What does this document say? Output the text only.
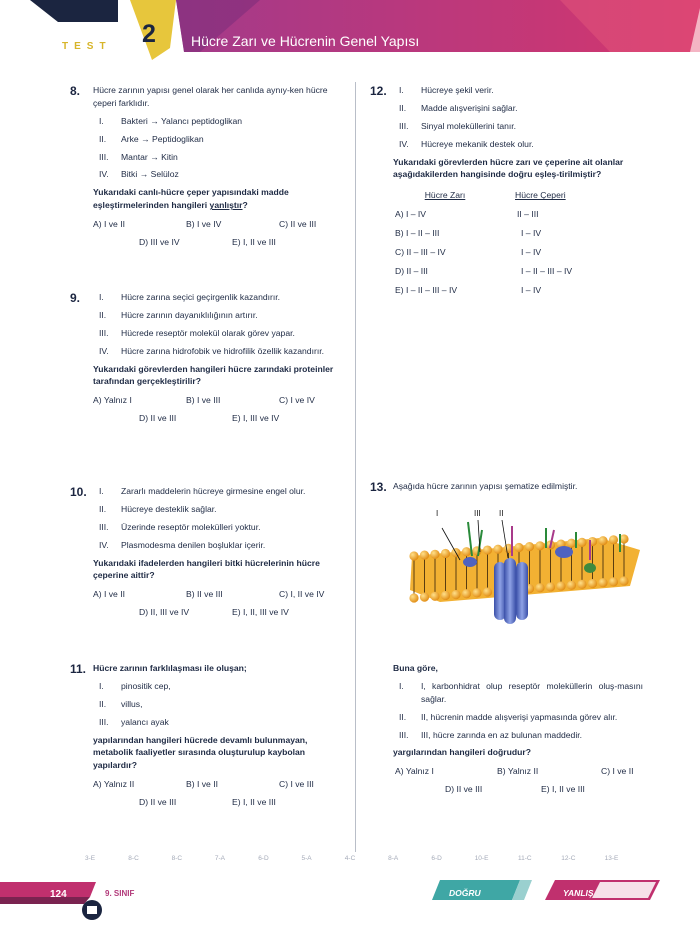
TEST 2	Hücre Zarı ve Hücrenin Genel Yapısı
8. Hücre zarının yapısı genel olarak her canlıda aynıy-ken hücre çeperi farklıdır.
I.	Bakteri → Yalancı peptidoglikan
II.	Arke → Peptidoglikan
III.	Mantar → Kitin
IV.	Bitki → Selüloz
Yukarıdaki canlı-hücre çeper yapısındaki madde eşleştirmelerinden hangileri yanlıştır?
A) I ve II	B) I ve IV	C) II ve III
D) III ve IV	E) I, II ve III
9.	I.	Hücre zarına seçici geçirgenlik kazandırır.
II.	Hücre zarının dayanıklılığının artırır.
III.	Hücrede reseptör molekül olarak görev yapar.
IV.	Hücre zarına hidrofobik ve hidrofilik özellik kazandırır.
Yukarıdaki görevlerden hangileri hücre zarındaki proteinler tarafından gerçekleştirilir?
A) Yalnız I	B) I ve III	C) I ve IV
D) II ve III	E) I, III ve IV
10.	I.	Zararlı maddelerin hücreye girmesine engel olur.
II.	Hücreye desteklik sağlar.
III.	Üzerinde reseptör molekülleri yoktur.
IV.	Plasmodesma denilen boşluklar içerir.
Yukarıdaki ifadelerden hangileri bitki hücrelerinin hücre çeperine aittir?
A) I ve II	B) II ve III	C) I, II ve IV
D) II, III ve IV	E) I, II, III ve IV
11. Hücre zarının farklılaşması ile oluşan;
I.	pinositik cep,
II.	villus,
III.	yalancı ayak
yapılarından hangileri hücrede devamlı bulunmayan, metabolik faaliyetler sırasında oluşturulup kaybolan yapılardır?
A) Yalnız II	B) I ve II	C) I ve III
D) II ve III	E) I, II ve III
12.	I.	Hücreye şekil verir.
II.	Madde alışverişini sağlar.
III.	Sinyal moleküllerini tanır.
IV.	Hücreye mekanik destek olur.
Yukarıdaki görevlerden hücre zarı ve çeperine ait olanlar aşağıdakilerden hangisinde doğru eşleş-tirilmiştir?
Hücre Zarı	Hücre Çeperi
A) I – IV	II – III
B) I – II – III	I – IV
C) II – III – IV	I – IV
D) II – III	I – II – III – IV
E) I – II – III – IV	I – IV
13. Aşağıda hücre zarının yapısı şematize edilmiştir.
I	III II
Buna göre,
I.	I, karbonhidrat olup reseptör moleküllerin oluş-masını sağlar.
II.	II, hücrenin madde alışverişi yapmasında görev alır.
III.	III, hücre zarında en az bulunan maddedir.
yargılarından hangileri doğrudur?
A) Yalnız I	B) Yalnız II	C) I ve II
D) II ve III	E) I, II ve III
3-E	8-C	8-C	7-A	6-D	5-A	4-C	8-A	6-D	10-E	11-C	12-C	13-E
124	9. SINIF	DOĞRU	YANLIŞ
